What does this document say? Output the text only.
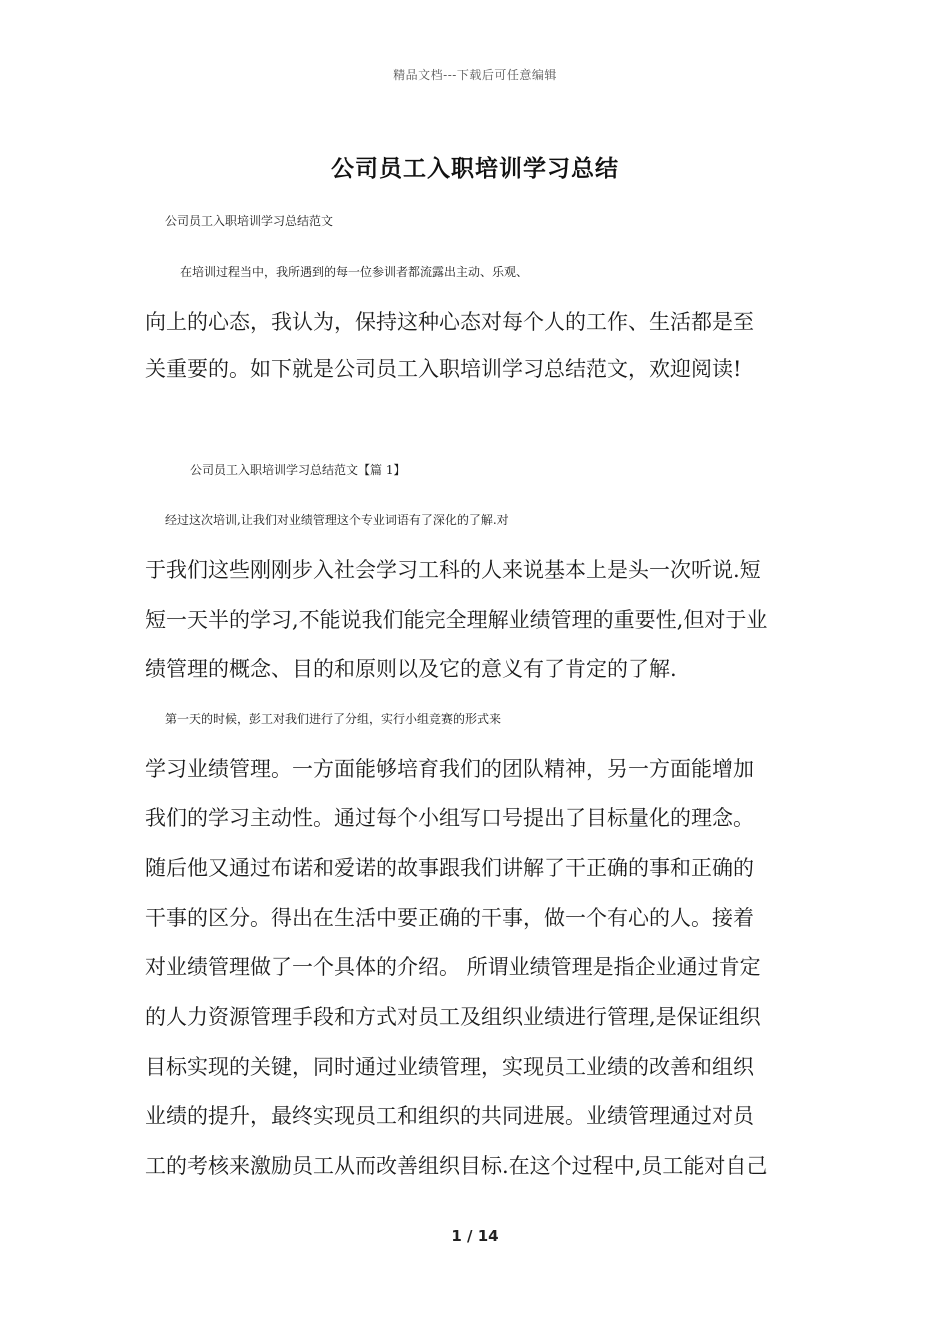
精品文档---下载后可任意编辑
公司员工入职培训学习总结
公司员工入职培训学习总结范文
在培训过程当中，我所遇到的每一位参训者都流露出主动、乐观、
向上的心态，我认为，保持这种心态对每个人的工作、生活都是至
关重要的。如下就是公司员工入职培训学习总结范文，欢迎阅读!
公司员工入职培训学习总结范文【篇 1】
经过这次培训,让我们对业绩管理这个专业词语有了深化的了解.对
于我们这些刚刚步入社会学习工科的人来说基本上是头一次听说.短
短一天半的学习,不能说我们能完全理解业绩管理的重要性,但对于业
绩管理的概念、目的和原则以及它的意义有了肯定的了解.
第一天的时候，彭工对我们进行了分组，实行小组竞赛的形式来
学习业绩管理。一方面能够培育我们的团队精神，另一方面能增加
我们的学习主动性。通过每个小组写口号提出了目标量化的理念。
随后他又通过布诺和爱诺的故事跟我们讲解了干正确的事和正确的
干事的区分。得出在生活中要正确的干事，做一个有心的人。接着
对业绩管理做了一个具体的介绍。 所谓业绩管理是指企业通过肯定
的人力资源管理手段和方式对员工及组织业绩进行管理,是保证组织
目标实现的关键，同时通过业绩管理，实现员工业绩的改善和组织
业绩的提升，最终实现员工和组织的共同进展。业绩管理通过对员
工的考核来激励员工从而改善组织目标.在这个过程中,员工能对自己
1 / 14
